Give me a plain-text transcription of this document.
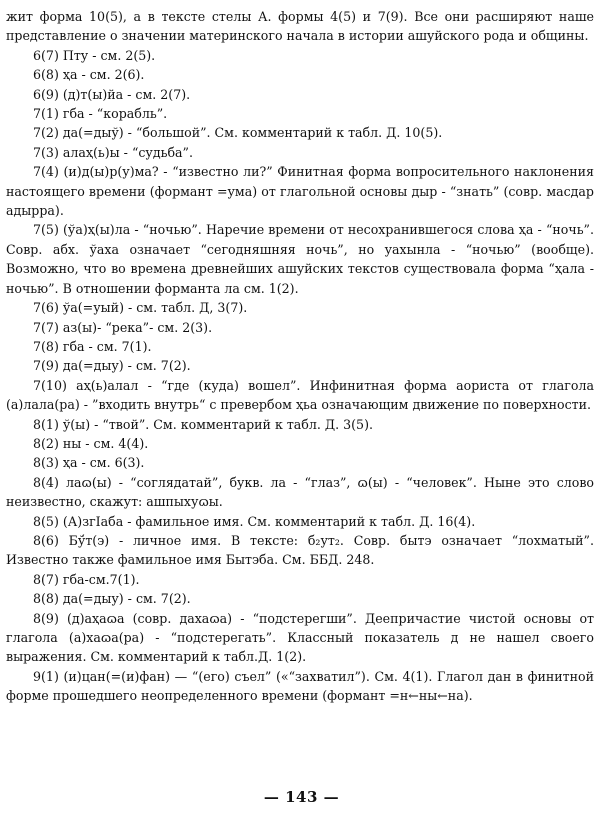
жит форма 10(5), а в тексте стелы А. формы 4(5) и 7(9). Все они расширяют наше представление о значении материнского начала в истории ашуйского рода и общины.

6(7) Пту - см. 2(5).

6(8) ҳа - см. 2(6).

6(9) (д)т(ы)йа - см. 2(7).

7(1) гба - “корабль”.

7(2) да(=дыў) - “большой”. См. комментарий к табл. Д. 10(5).

7(3) алаҳ(ь)ы - “судьба”.

7(4) (и)д(ы)р(у)ма? - “известно ли?” Финитная форма вопросительного наклонения настоящего времени (формант =ума) от глагольной основы дыр - “знать” (совр. масдар адырра).

7(5) (ўа)ҳ(ы)ла - “ночью”. Наречие времени от несохранившегося слова ҳа - “ночь”. Совр. абх. ўаха означает “сегодняшняя ночь”, но уахынла - “ночью” (вообще). Возможно, что во времена древнейших ашуйских текстов существовала форма “ҳала - ночью”. В отношении форманта ла см. 1(2).

7(6) ўа(=уый) - см. табл. Д, 3(7).

7(7) аз(ы)- “река”- см. 2(3).

7(8) гба - см. 7(1).

7(9) да(=дыу) - см. 7(2).

7(10) аҳ(ь)алал - “где (куда) вошел”. Инфинитная форма аориста от глагола (а)лала(ра) - ”входить внутрь“ с превербом ҳьа означающим движение по поверхности.

8(1) ў(ы) - “твой”. См. комментарий к табл. Д. 3(5).

8(2) ны - см. 4(4).

8(3) ҳа - см. 6(3).

8(4) лаɷ(ы) - “соглядатай”, букв. ла - “глаз”, ɷ(ы) - “человек”. Ныне это слово неизвестно, скажут: ашпыхуɷы.

8(5) (А)згIаба - фамильное имя. См. комментарий к табл. Д. 16(4).

8(6) Бў́т(э) - личное имя. В тексте: б₂ут₂. Совр. бытэ означает “лохматый”. Известно также фамильное имя Бытэба. См. ББД. 248.

8(7) гба-см.7(1).

8(8) да(=дыу) - см. 7(2).

8(9) (д)аҳаɷа (совр. дахаɷа) - “подстерегши”. Деепричастие чистой основы от глагола (а)хаɷа(ра) - “подстерегать”. Классный показатель д не нашел своего выражения. См. комментарий к табл.Д. 1(2).

9(1) (и)цан(=(и)фан) — “(его) съел” («“захватил”). См. 4(1). Глагол дан в финитной форме прошедшего неопределенного времени (формант =н←ны←на).

— 143 —
